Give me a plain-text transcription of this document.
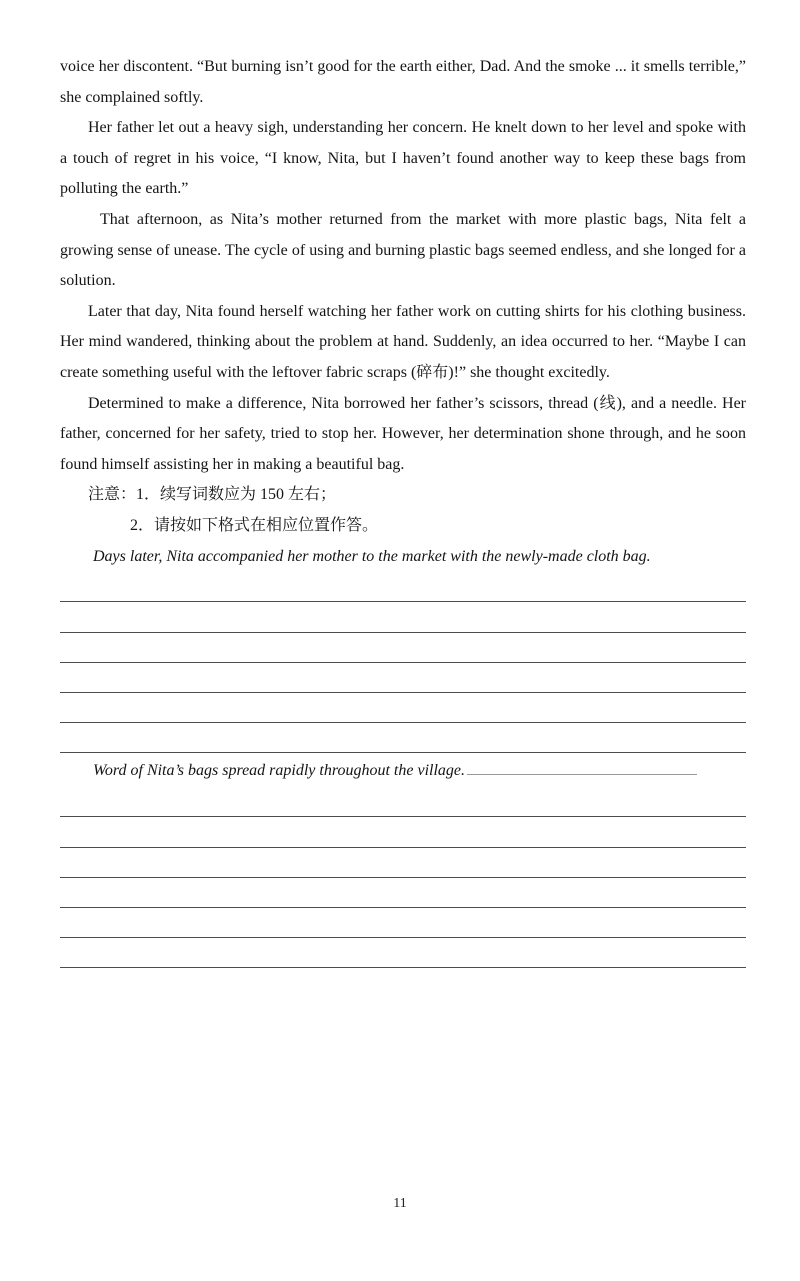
voice her discontent. “But burning isn’t good for the earth either, Dad. And the smoke ... it smells terrible,” she complained softly.

Her father let out a heavy sigh, understanding her concern. He knelt down to her level and spoke with a touch of regret in his voice, “I know, Nita, but I haven’t found another way to keep these bags from polluting the earth.”

That afternoon, as Nita’s mother returned from the market with more plastic bags, Nita felt a growing sense of unease. The cycle of using and burning plastic bags seemed endless, and she longed for a solution.

Later that day, Nita found herself watching her father work on cutting shirts for his clothing business. Her mind wandered, thinking about the problem at hand. Suddenly, an idea occurred to her. “Maybe I can create something useful with the leftover fabric scraps (碎布)!” she thought excitedly.

Determined to make a difference, Nita borrowed her father’s scissors, thread (线), and a needle. Her father, concerned for her safety, tried to stop her. However, her determination shone through, and he soon found himself assisting her in making a beautiful bag.

注意：1．续写词数应为 150 左右；

2．请按如下格式在相应位置作答。

Days later, Nita accompanied her mother to the market with the newly-made cloth bag.

Word of Nita’s bags spread rapidly throughout the village.

11
